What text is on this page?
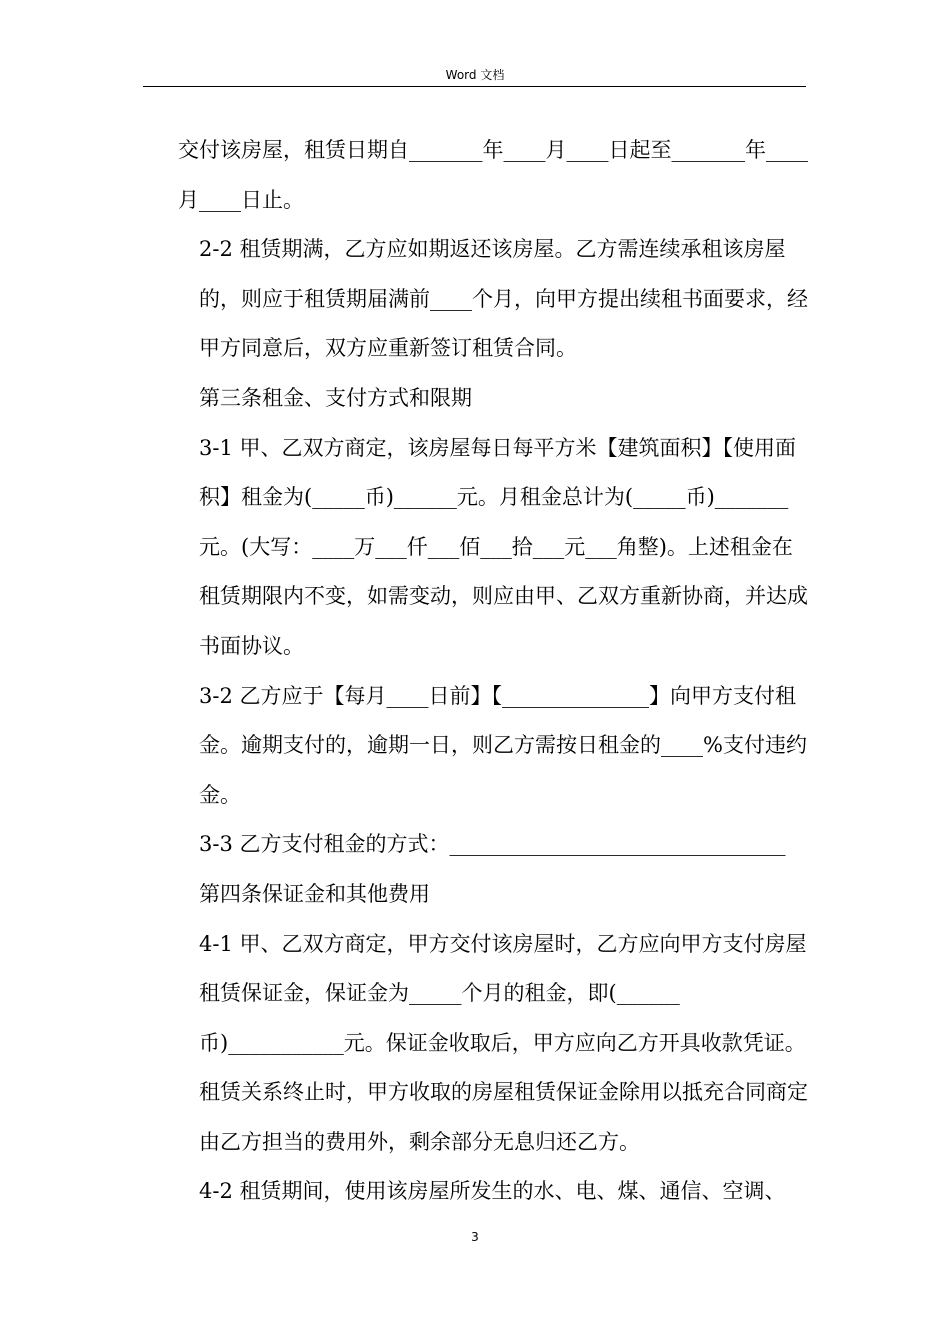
Word 文档

交付该房屋，租赁日期自_______年____月____日起至_______年____月____日止。

2-2 租赁期满，乙方应如期返还该房屋。乙方需连续承租该房屋的，则应于租赁期届满前____个月，向甲方提出续租书面要求，经甲方同意后，双方应重新签订租赁合同。

第三条租金、支付方式和限期

3-1 甲、乙双方商定，该房屋每日每平方米【建筑面积】【使用面积】租金为(_____币)______元。月租金总计为(_____币)_______元。(大写：____万___仟___佰___拾___元___角整)。上述租金在租赁期限内不变，如需变动，则应由甲、乙双方重新协商，并达成书面协议。

3-2 乙方应于【每月____日前】【______________】向甲方支付租金。逾期支付的，逾期一日，则乙方需按日租金的____%支付违约金。

3-3 乙方支付租金的方式：________________________________

第四条保证金和其他费用

4-1 甲、乙双方商定，甲方交付该房屋时，乙方应向甲方支付房屋租赁保证金，保证金为_____个月的租金，即(______币)___________元。保证金收取后，甲方应向乙方开具收款凭证。

租赁关系终止时，甲方收取的房屋租赁保证金除用以抵充合同商定由乙方担当的费用外，剩余部分无息归还乙方。

4-2 租赁期间，使用该房屋所发生的水、电、煤、通信、空调、

3
